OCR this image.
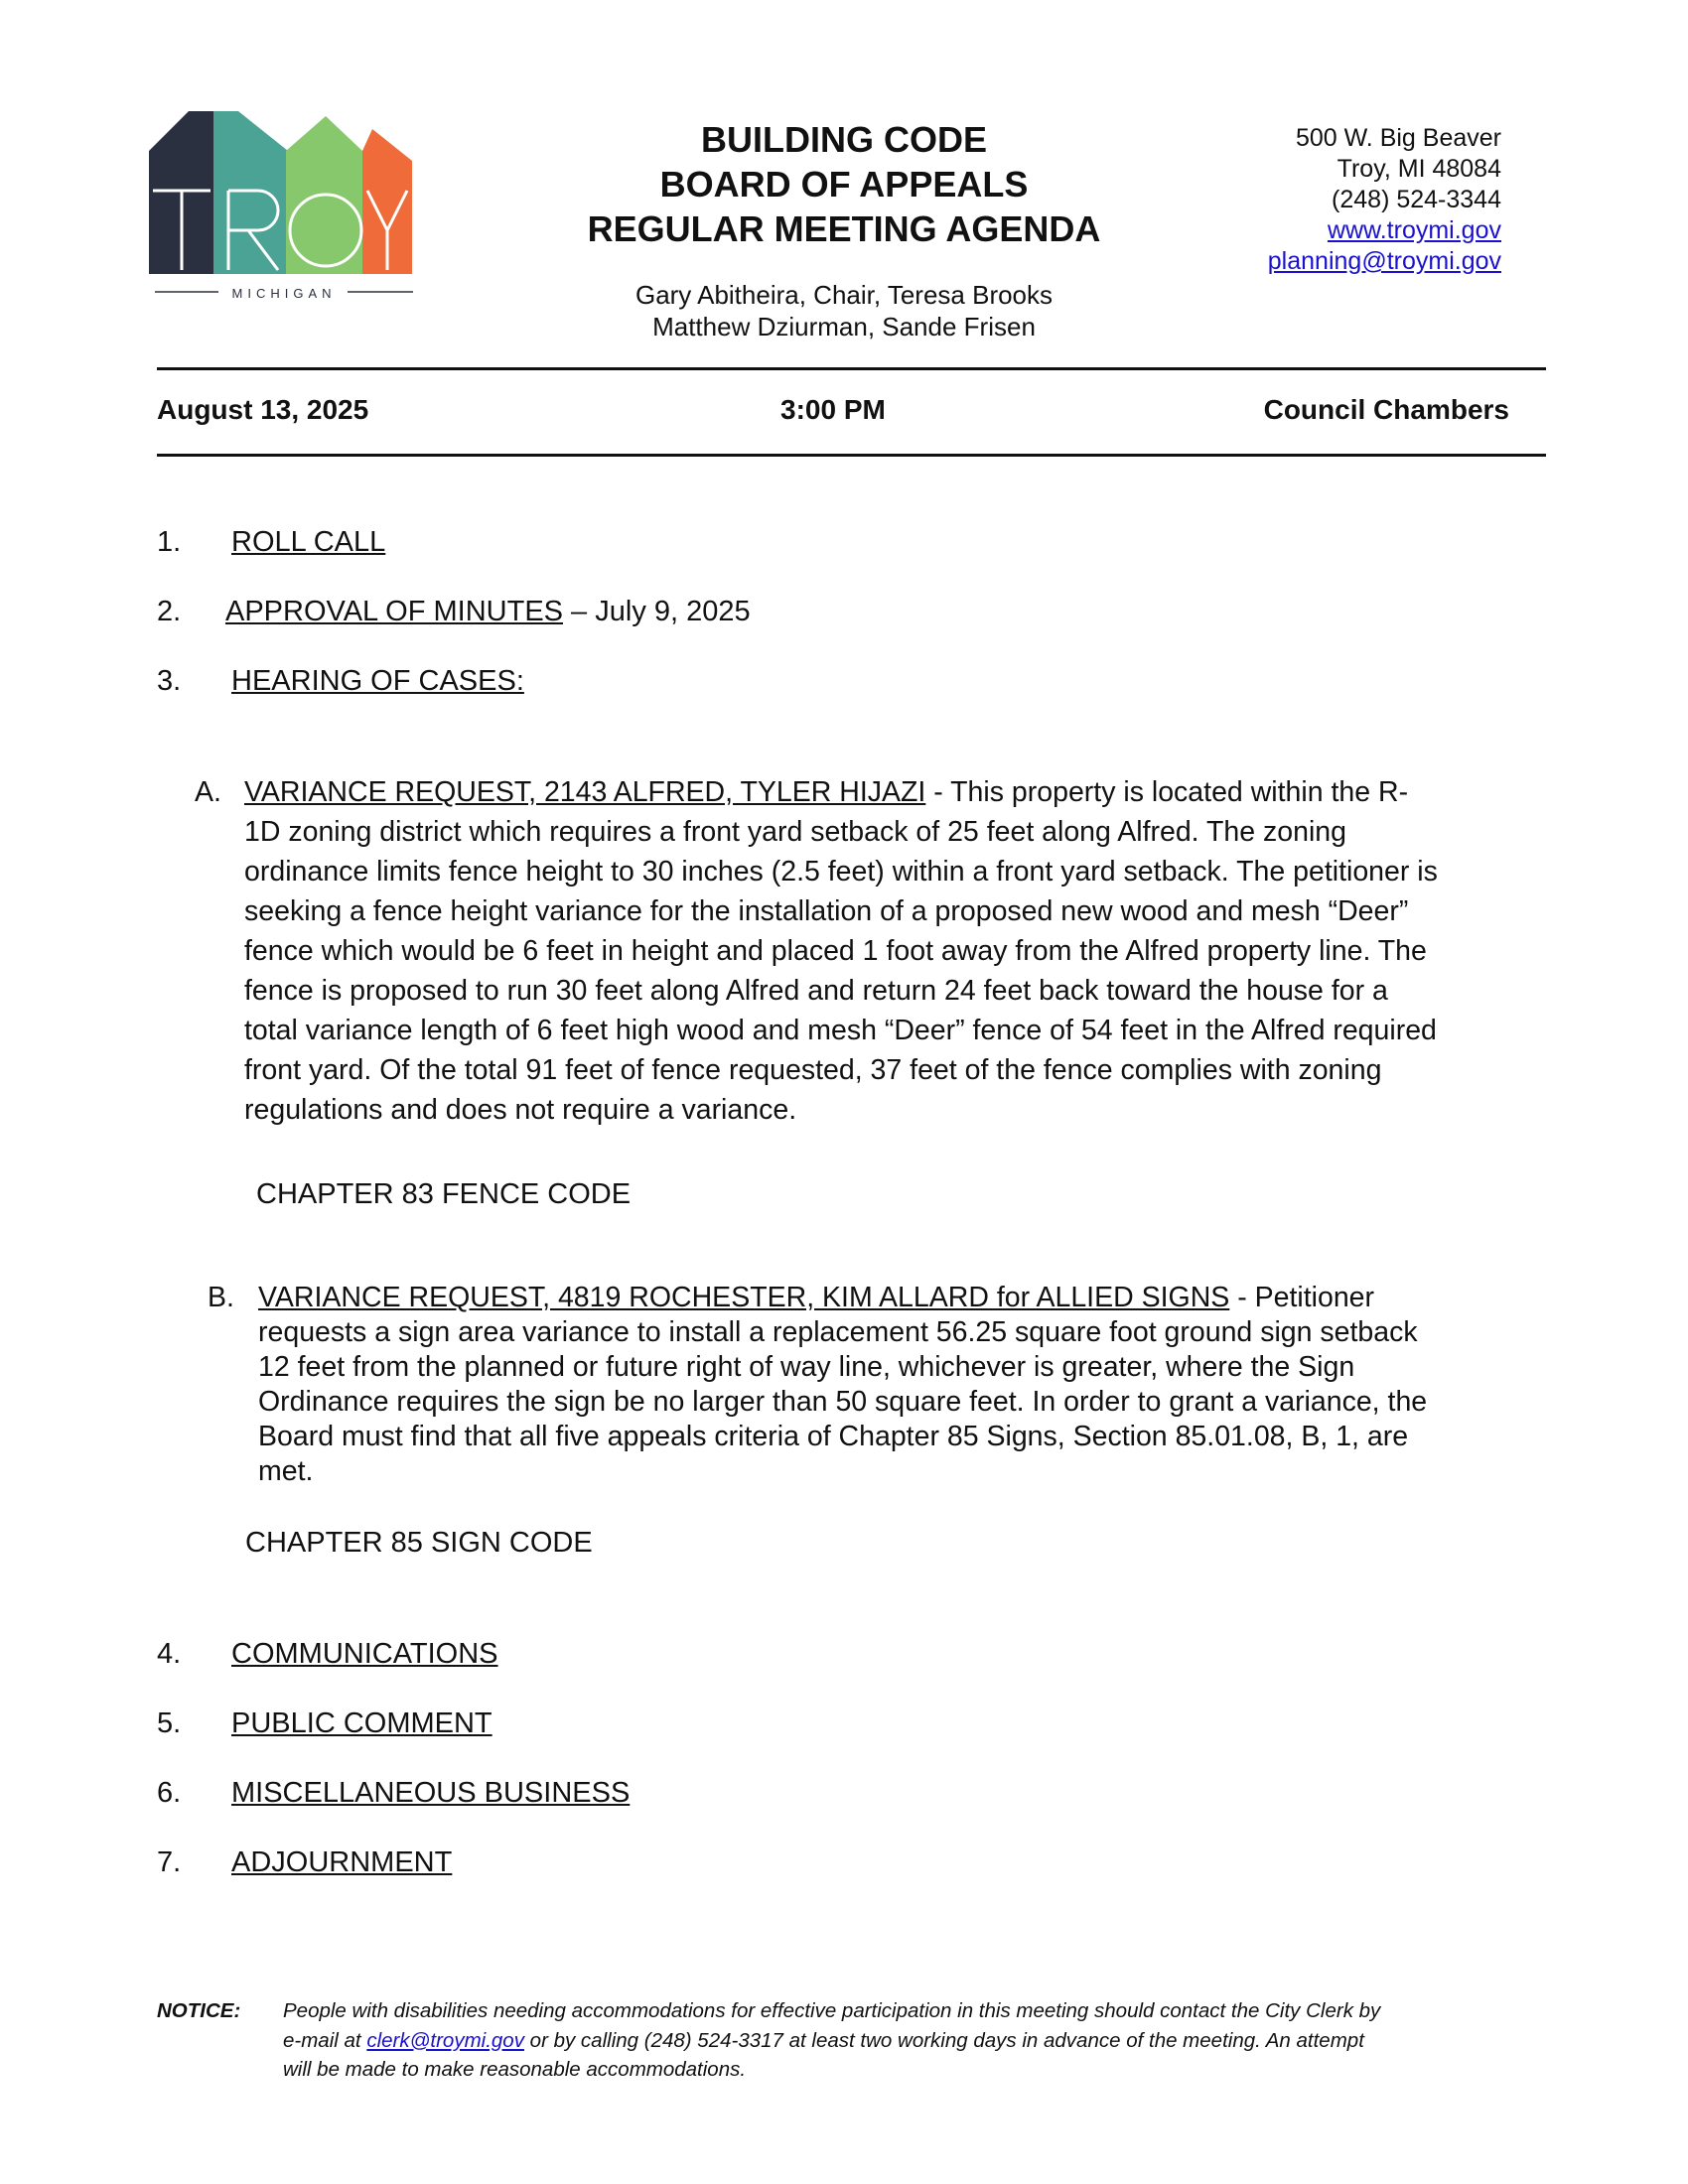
MICHIGAN
BUILDING CODE
BOARD OF APPEALS
REGULAR MEETING AGENDA
Gary Abitheira, Chair, Teresa Brooks
Matthew Dziurman, Sande Frisen
500 W. Big Beaver
Troy, MI 48084
(248) 524-3344
www.troymi.gov
planning@troymi.gov
August 13, 2025	3:00 PM	Council Chambers
1. ROLL CALL
2. APPROVAL OF MINUTES – July 9, 2025
3. HEARING OF CASES:
A. VARIANCE REQUEST, 2143 ALFRED, TYLER HIJAZI - This property is located within the R-
1D zoning district which requires a front yard setback of 25 feet along Alfred. The zoning
ordinance limits fence height to 30 inches (2.5 feet) within a front yard setback. The petitioner is
seeking a fence height variance for the installation of a proposed new wood and mesh “Deer”
fence which would be 6 feet in height and placed 1 foot away from the Alfred property line. The
fence is proposed to run 30 feet along Alfred and return 24 feet back toward the house for a
total variance length of 6 feet high wood and mesh “Deer” fence of 54 feet in the Alfred required
front yard. Of the total 91 feet of fence requested, 37 feet of the fence complies with zoning
regulations and does not require a variance.
CHAPTER 83 FENCE CODE
B. VARIANCE REQUEST, 4819 ROCHESTER, KIM ALLARD for ALLIED SIGNS - Petitioner
requests a sign area variance to install a replacement 56.25 square foot ground sign setback
12 feet from the planned or future right of way line, whichever is greater, where the Sign
Ordinance requires the sign be no larger than 50 square feet. In order to grant a variance, the
Board must find that all five appeals criteria of Chapter 85 Signs, Section 85.01.08, B, 1, are
met.
CHAPTER 85 SIGN CODE
4. COMMUNICATIONS
5. PUBLIC COMMENT
6. MISCELLANEOUS BUSINESS
7. ADJOURNMENT
NOTICE: People with disabilities needing accommodations for effective participation in this meeting should contact the City Clerk by
e-mail at clerk@troymi.gov or by calling (248) 524-3317 at least two working days in advance of the meeting. An attempt
will be made to make reasonable accommodations.
